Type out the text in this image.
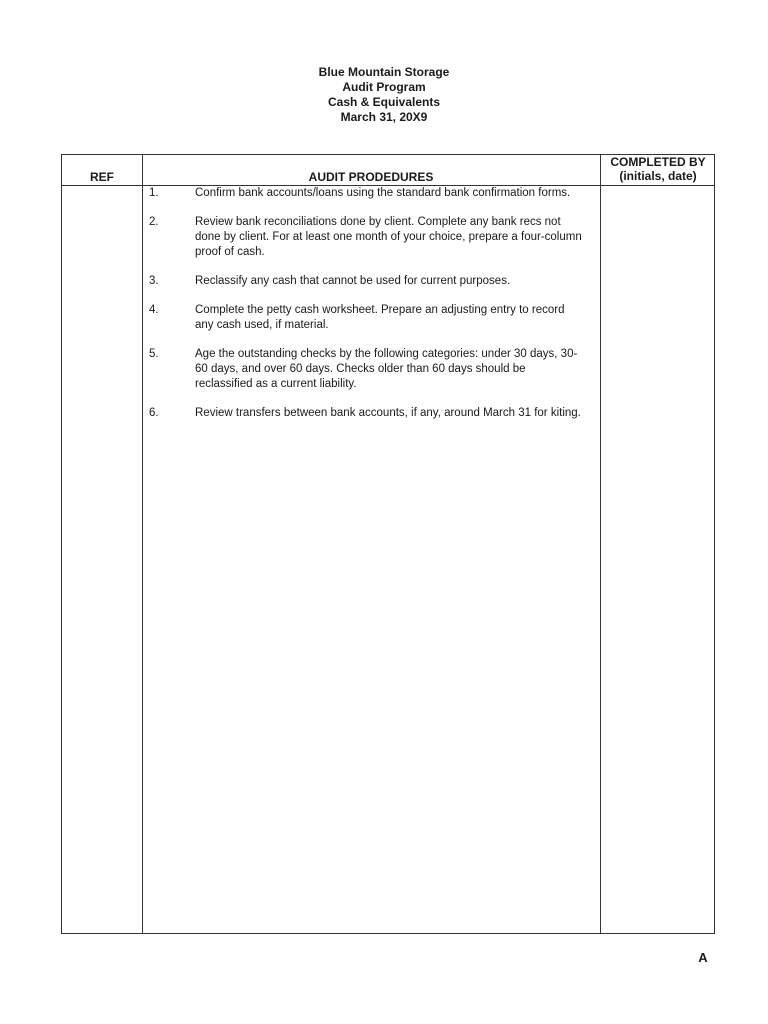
Blue Mountain Storage
Audit Program
Cash & Equivalents
March 31, 20X9
REF	AUDIT PRODEDURES
COMPLETED BY
(initials, date)
1.	Confirm bank accounts/loans using the standard bank confirmation forms.
2.	Review bank reconciliations done by client. Complete any bank recs not done by client. For at least one month of your choice, prepare a four-column proof of cash.
3.	Reclassify any cash that cannot be used for current purposes.
4.	Complete the petty cash worksheet. Prepare an adjusting entry to record any cash used, if material.
5.	Age the outstanding checks by the following categories: under 30 days, 30-60 days, and over 60 days. Checks older than 60 days should be reclassified as a current liability.
6.	Review transfers between bank accounts, if any, around March 31 for kiting.
A
